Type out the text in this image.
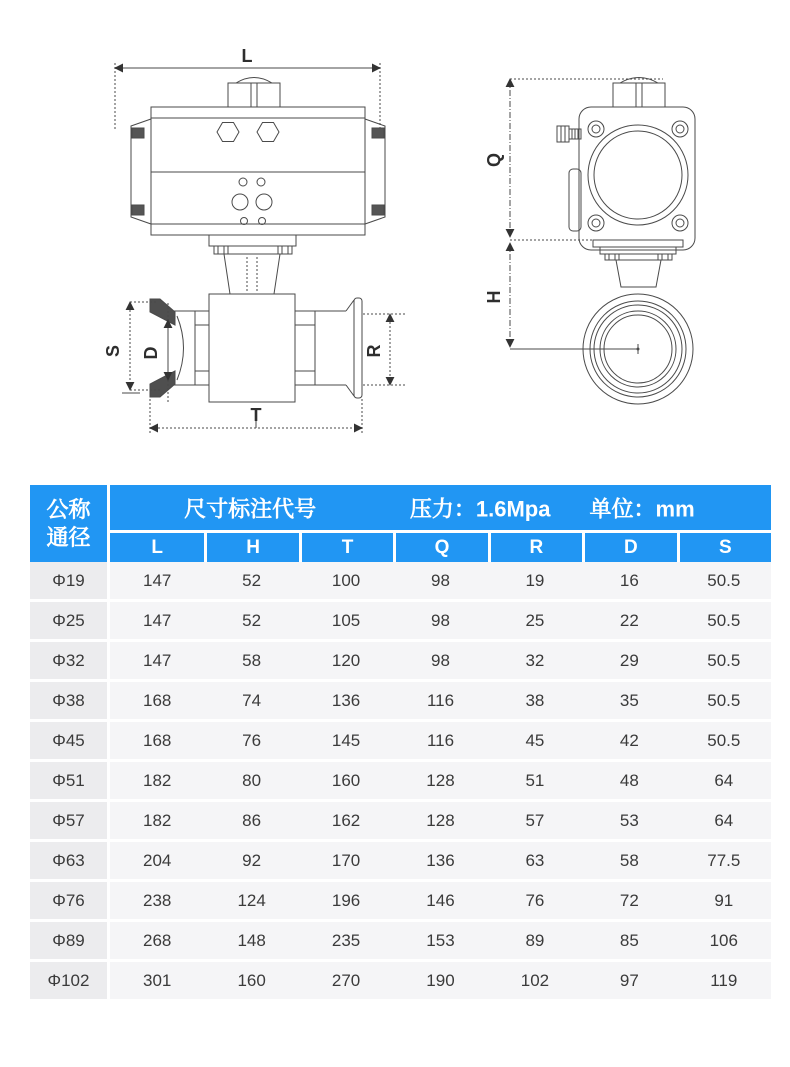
L
S D	R
T
Q
H
公称
通径
尺寸标注代号	压力：1.6Mpa 单位：mm
L	H	T	Q	R	D	S
Φ19	147	52	100	98	19	16	50.5
Φ25	147	52	105	98	25	22	50.5
Φ32	147	58	120	98	32	29	50.5
Φ38	168	74	136	116	38	35	50.5
Φ45	168	76	145	116	45	42	50.5
Φ51	182	80	160	128	51	48	64
Φ57	182	86	162	128	57	53	64
Φ63	204	92	170	136	63	58	77.5
Φ76	238	124	196	146	76	72	91
Φ89	268	148	235	153	89	85	106
Φ102	301	160	270	190	102	97	119
